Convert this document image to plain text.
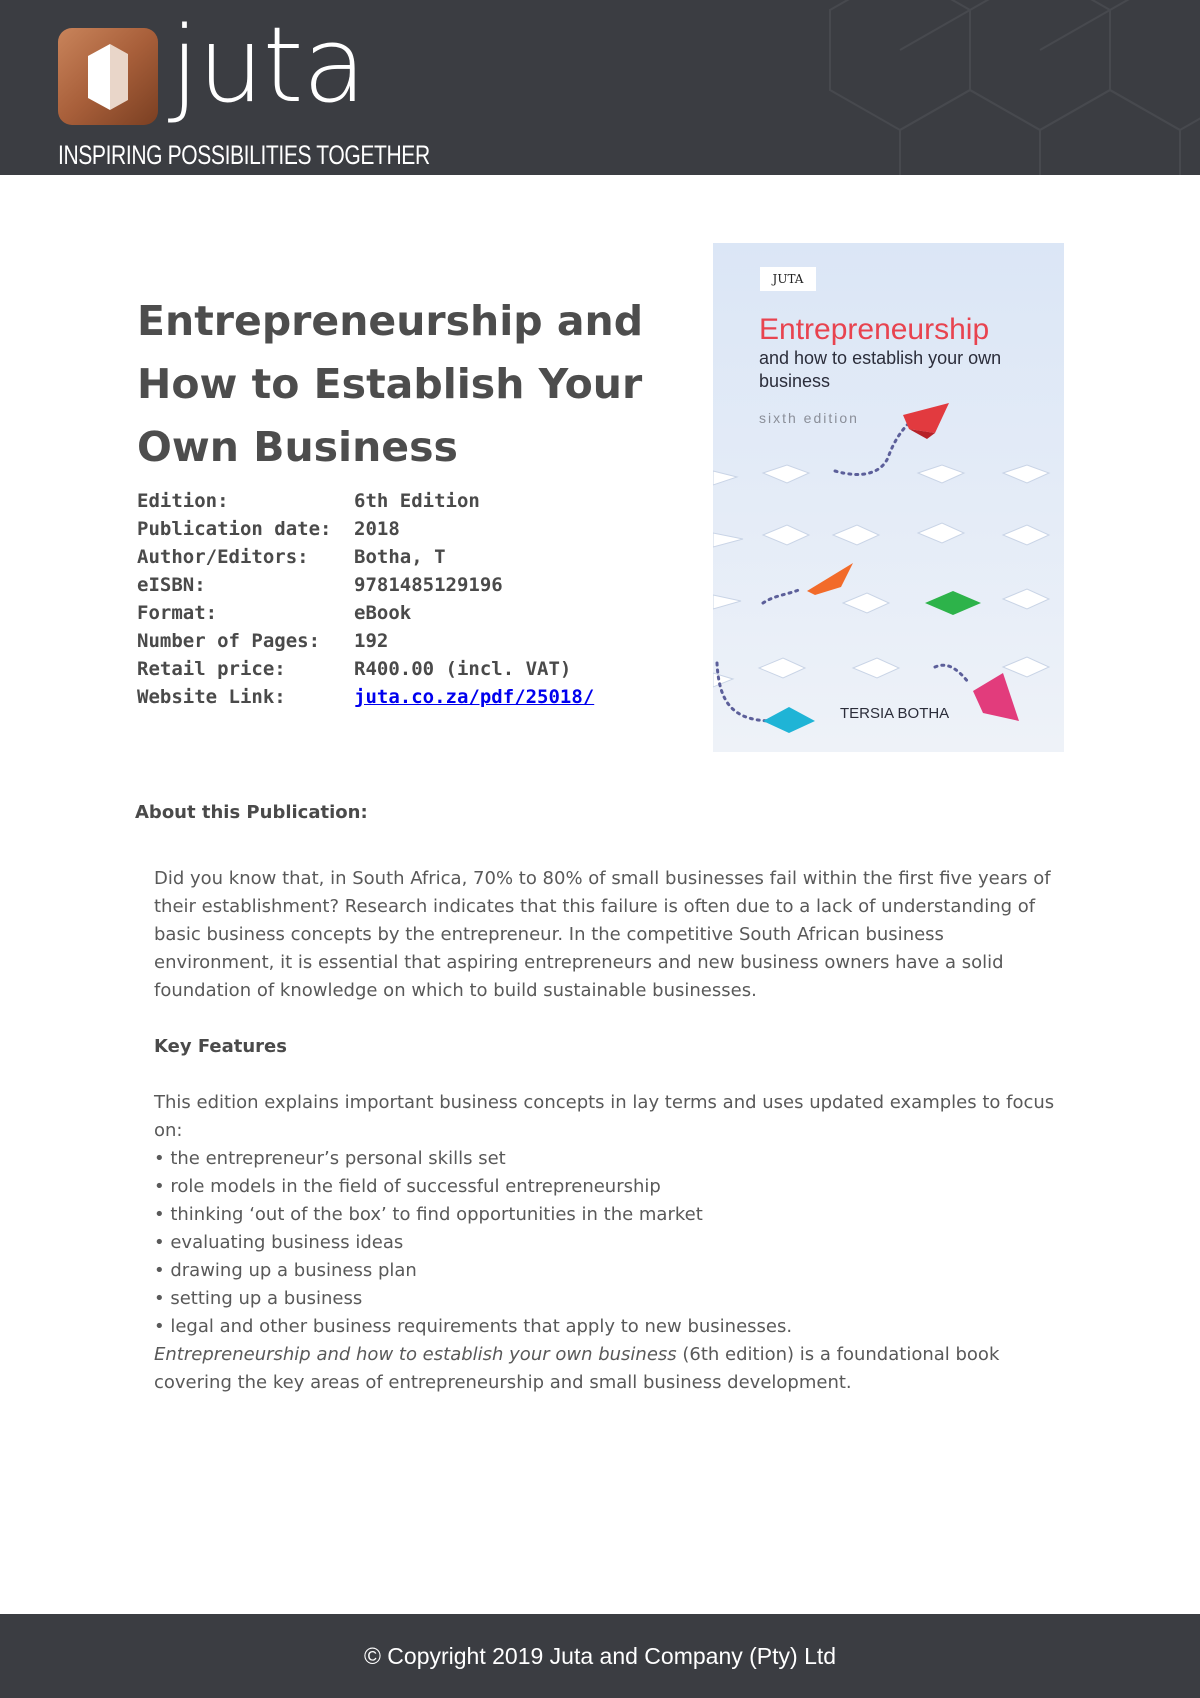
juta
INSPIRING POSSIBILITIES TOGETHER
Entrepreneurship and How to Establish Your Own Business
Edition:	6th Edition
Publication date:	2018
Author/Editors:	Botha, T
eISBN:	9781485129196
Format:	eBook
Number of Pages:	192
Retail price:	R400.00 (incl. VAT)
Website Link:	juta.co.za/pdf/25018/
JUTA
Entrepreneurship
and how to establish your own business
sixth edition
TERSIA BOTHA
About this Publication:

Did you know that, in South Africa, 70% to 80% of small businesses fail within the first five years of their establishment? Research indicates that this failure is often due to a lack of understanding of basic business concepts by the entrepreneur. In the competitive South African business environment, it is essential that aspiring entrepreneurs and new business owners have a solid foundation of knowledge on which to build sustainable businesses.

Key Features

This edition explains important business concepts in lay terms and uses updated examples to focus on:

• the entrepreneur’s personal skills set
• role models in the field of successful entrepreneurship
• thinking ‘out of the box’ to find opportunities in the market
• evaluating business ideas
• drawing up a business plan
• setting up a business
• legal and other business requirements that apply to new businesses.

Entrepreneurship and how to establish your own business (6th edition) is a foundational book covering the key areas of entrepreneurship and small business development.

© Copyright 2019 Juta and Company (Pty) Ltd
